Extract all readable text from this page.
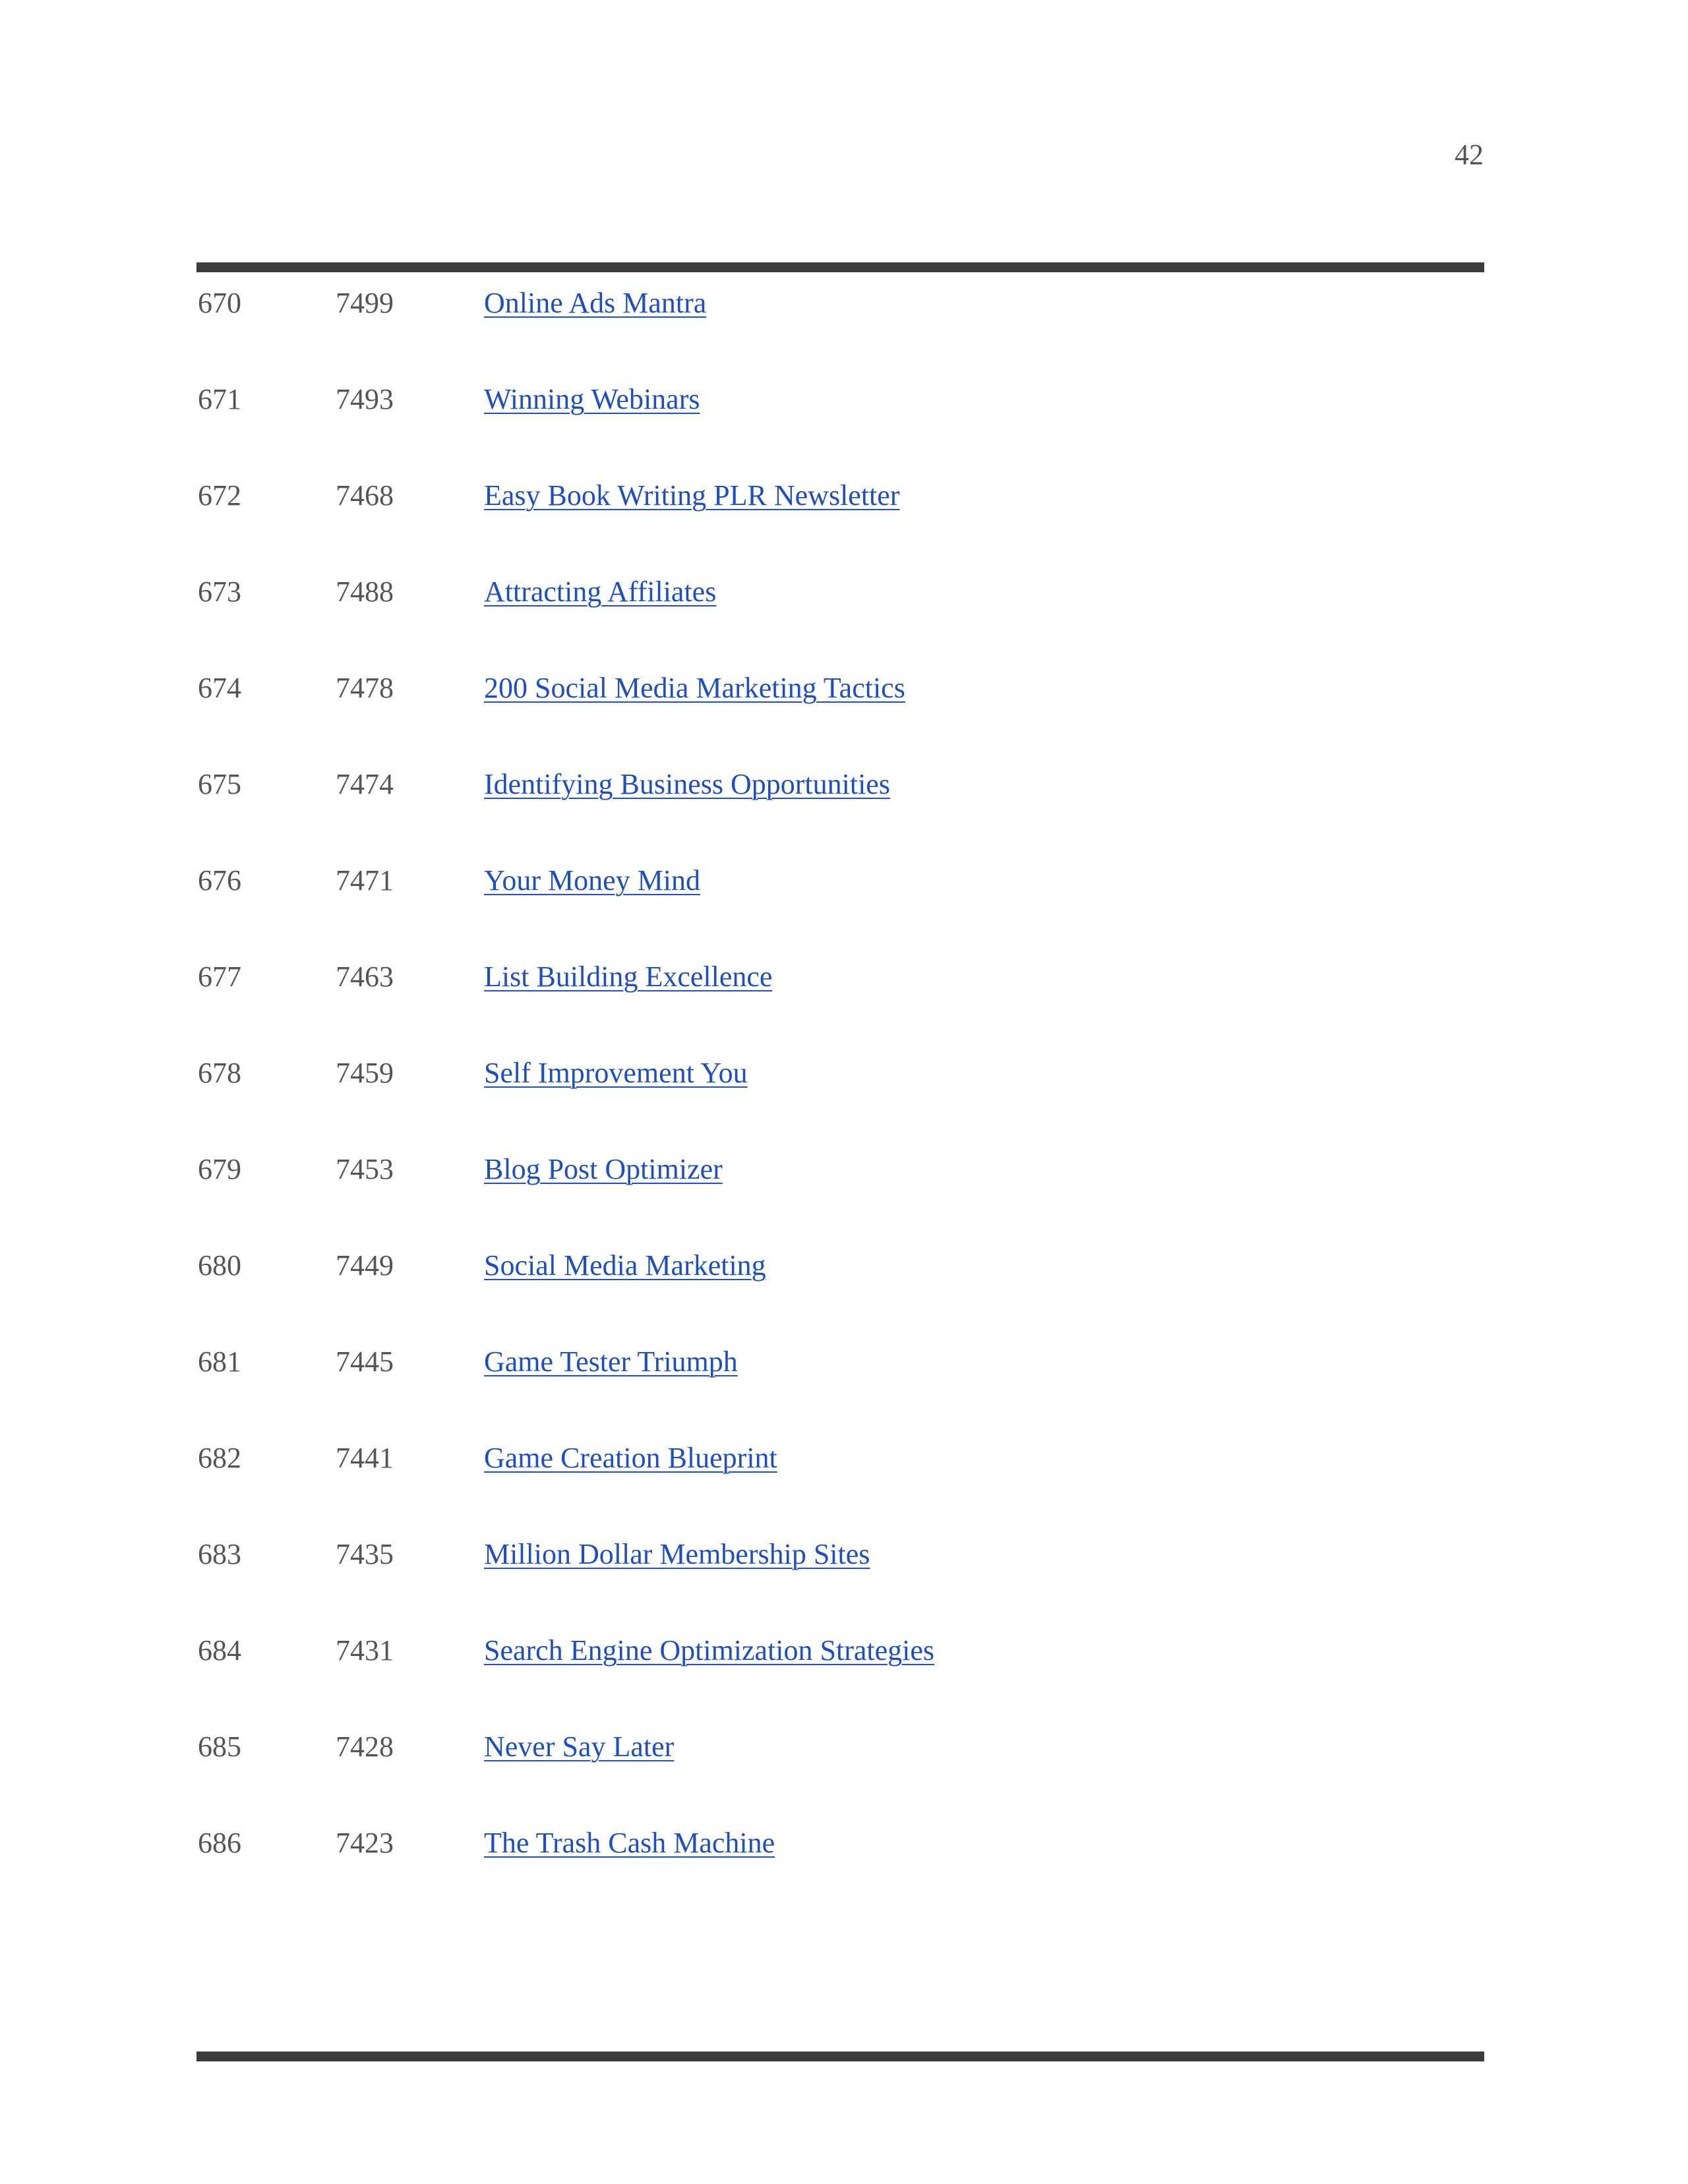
42
670	7499	Online Ads Mantra
671	7493	Winning Webinars
672	7468	Easy Book Writing PLR Newsletter
673	7488	Attracting Affiliates
674	7478	200 Social Media Marketing Tactics
675	7474	Identifying Business Opportunities
676	7471	Your Money Mind
677	7463	List Building Excellence
678	7459	Self Improvement You
679	7453	Blog Post Optimizer
680	7449	Social Media Marketing
681	7445	Game Tester Triumph
682	7441	Game Creation Blueprint
683	7435	Million Dollar Membership Sites
684	7431	Search Engine Optimization Strategies
685	7428	Never Say Later
686	7423	The Trash Cash Machine
